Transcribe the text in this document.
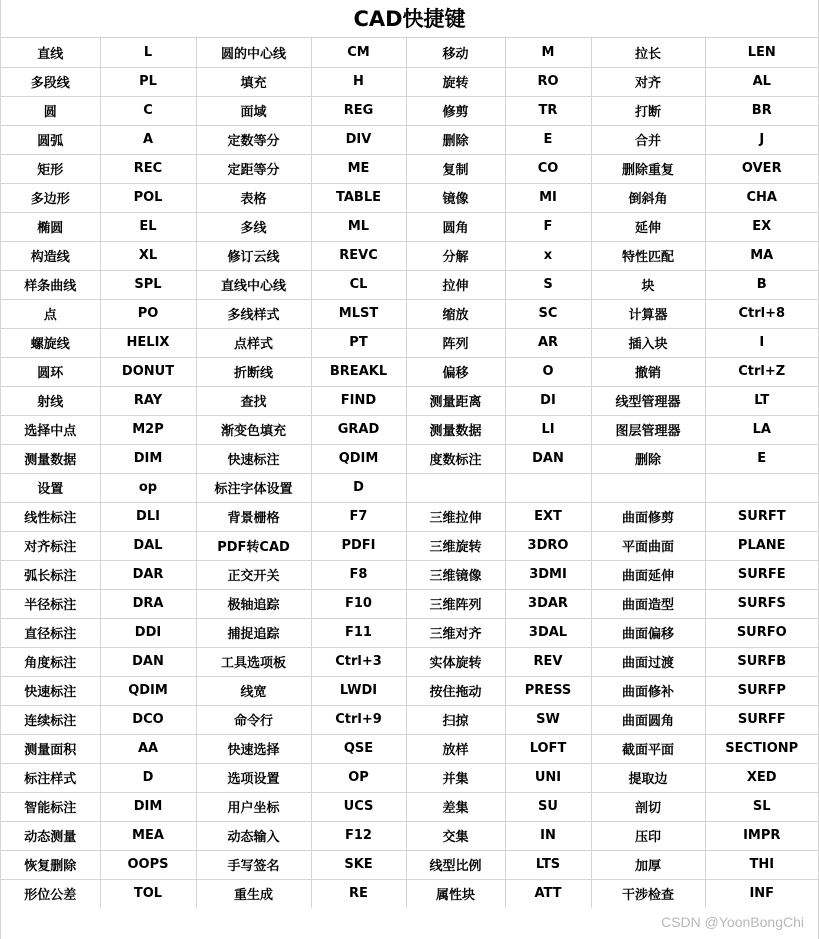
CAD快捷键
直线	L	圆的中心线	CM	移动	M	拉长	LEN
多段线	PL	填充	H	旋转	RO	对齐	AL
圆	C	面域	REG	修剪	TR	打断	BR
圆弧	A	定数等分	DIV	删除	E	合并	J
矩形	REC	定距等分	ME	复制	CO	删除重复	OVER
多边形	POL	表格	TABLE	镜像	MI	倒斜角	CHA
椭圆	EL	多线	ML	圆角	F	延伸	EX
构造线	XL	修订云线	REVC	分解	x	特性匹配	MA
样条曲线	SPL	直线中心线	CL	拉伸	S	块	B
点	PO	多线样式	MLST	缩放	SC	计算器	Ctrl+8
螺旋线	HELIX	点样式	PT	阵列	AR	插入块	I
圆环	DONUT	折断线	BREAKL	偏移	O	撤销	Ctrl+Z
射线	RAY	查找	FIND	测量距离	DI	线型管理器	LT
选择中点	M2P	渐变色填充	GRAD	测量数据	LI	图层管理器	LA
测量数据	DIM	快速标注	QDIM	度数标注	DAN	删除	E
设置	op	标注字体设置	D				
线性标注	DLI	背景栅格	F7	三维拉伸	EXT	曲面修剪	SURFT
对齐标注	DAL	PDF转CAD	PDFI	三维旋转	3DRO	平面曲面	PLANE
弧长标注	DAR	正交开关	F8	三维镜像	3DMI	曲面延伸	SURFE
半径标注	DRA	极轴追踪	F10	三维阵列	3DAR	曲面造型	SURFS
直径标注	DDI	捕捉追踪	F11	三维对齐	3DAL	曲面偏移	SURFO
角度标注	DAN	工具选项板	Ctrl+3	实体旋转	REV	曲面过渡	SURFB
快速标注	QDIM	线宽	LWDI	按住拖动	PRESS	曲面修补	SURFP
连续标注	DCO	命令行	Ctrl+9	扫掠	SW	曲面圆角	SURFF
测量面积	AA	快速选择	QSE	放样	LOFT	截面平面	SECTIONP
标注样式	D	选项设置	OP	并集	UNI	提取边	XED
智能标注	DIM	用户坐标	UCS	差集	SU	剖切	SL
动态测量	MEA	动态输入	F12	交集	IN	压印	IMPR
恢复删除	OOPS	手写签名	SKE	线型比例	LTS	加厚	THI
形位公差	TOL	重生成	RE	属性块	ATT	干涉检查	INF
CSDN @YoonBongChi
